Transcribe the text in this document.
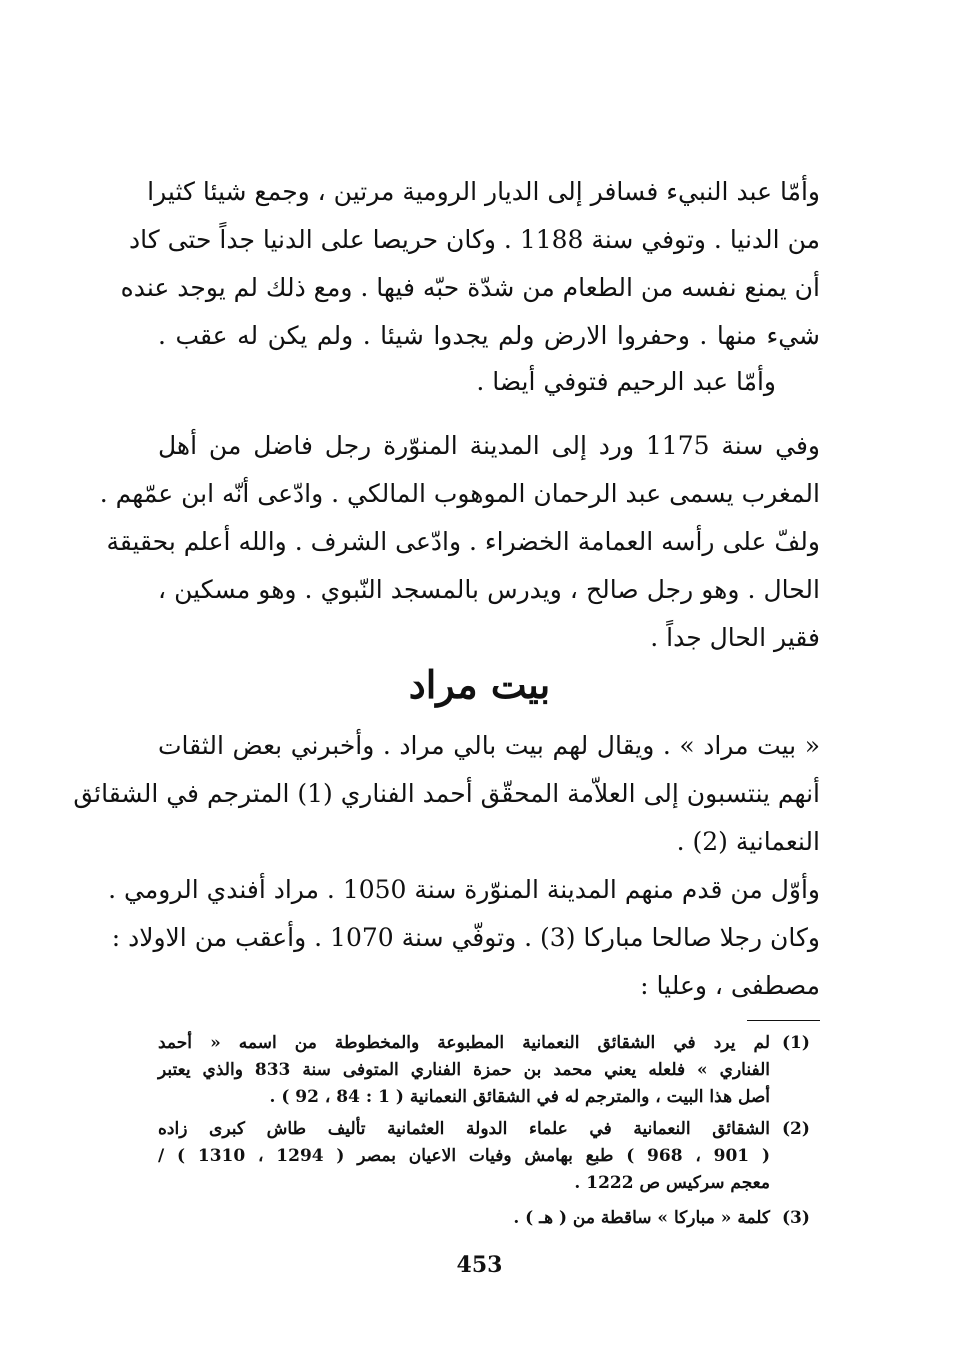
وأمّا عبد النبيء فسافر إلى الديار الرومية مرتين ، وجمع شيئا كثيرا
من الدنيا . وتوفي سنة 1188 . وكان حريصا على الدنيا جداً حتى كاد
أن يمنع نفسه من الطعام من شدّة حبّه فيها . ومع ذلك لم يوجد عنده
شيء منها . وحفروا الارض ولم يجدوا شيئا . ولم يكن له عقب .
وأمّا عبد الرحيم فتوفي أيضا .
وفي سنة 1175 ورد إلى المدينة المنوّرة رجل فاضل من أهل
المغرب يسمى عبد الرحمان الموهوب المالكي . وادّعى أنّه ابن عمّهم .
ولفّ على رأسه العمامة الخضراء . وادّعى الشرف . والله أعلم بحقيقة
الحال . وهو رجل صالح ، ويدرس بالمسجد النّبوي . وهو مسكين ،
فقير الحال جداً .
بيت مراد
« بيت مراد » . ويقال لهم بيت بالي مراد . وأخبرني بعض الثقات
أنهم ينتسبون إلى العلاّمة المحقّق أحمد الفناري (1) المترجم في الشقائق
النعمانية (2) .
وأوّل من قدم منهم المدينة المنوّرة سنة 1050 . مراد أفندي الرومي .
وكان رجلا صالحا مباركا (3) . وتوفّي سنة 1070 . وأعقب من الاولاد :
مصطفى ، وعليا :
(1)
لم يرد في الشقائق النعمانية المطبوعة والمخطوطة من اسمه « أحمد
الفناري » فلعله يعني محمد بن حمزة الفناري المتوفى سنة 833 والذي يعتبر
أصل هذا البيت ، والمترجم له في الشقائق النعمانية ( 1 : 84 ، 92 ) .
(2)
الشقائق النعمانية في علماء الدولة العثمانية تأليف طاش كبرى زاده
( 901 ، 968 ) طبع بهامش وفيات الاعيان بمصر ( 1294 ، 1310 ) /
معجم سركيس ص 1222 .
(3)
كلمة « مباركا » ساقطة من ( هـ ) .
453
